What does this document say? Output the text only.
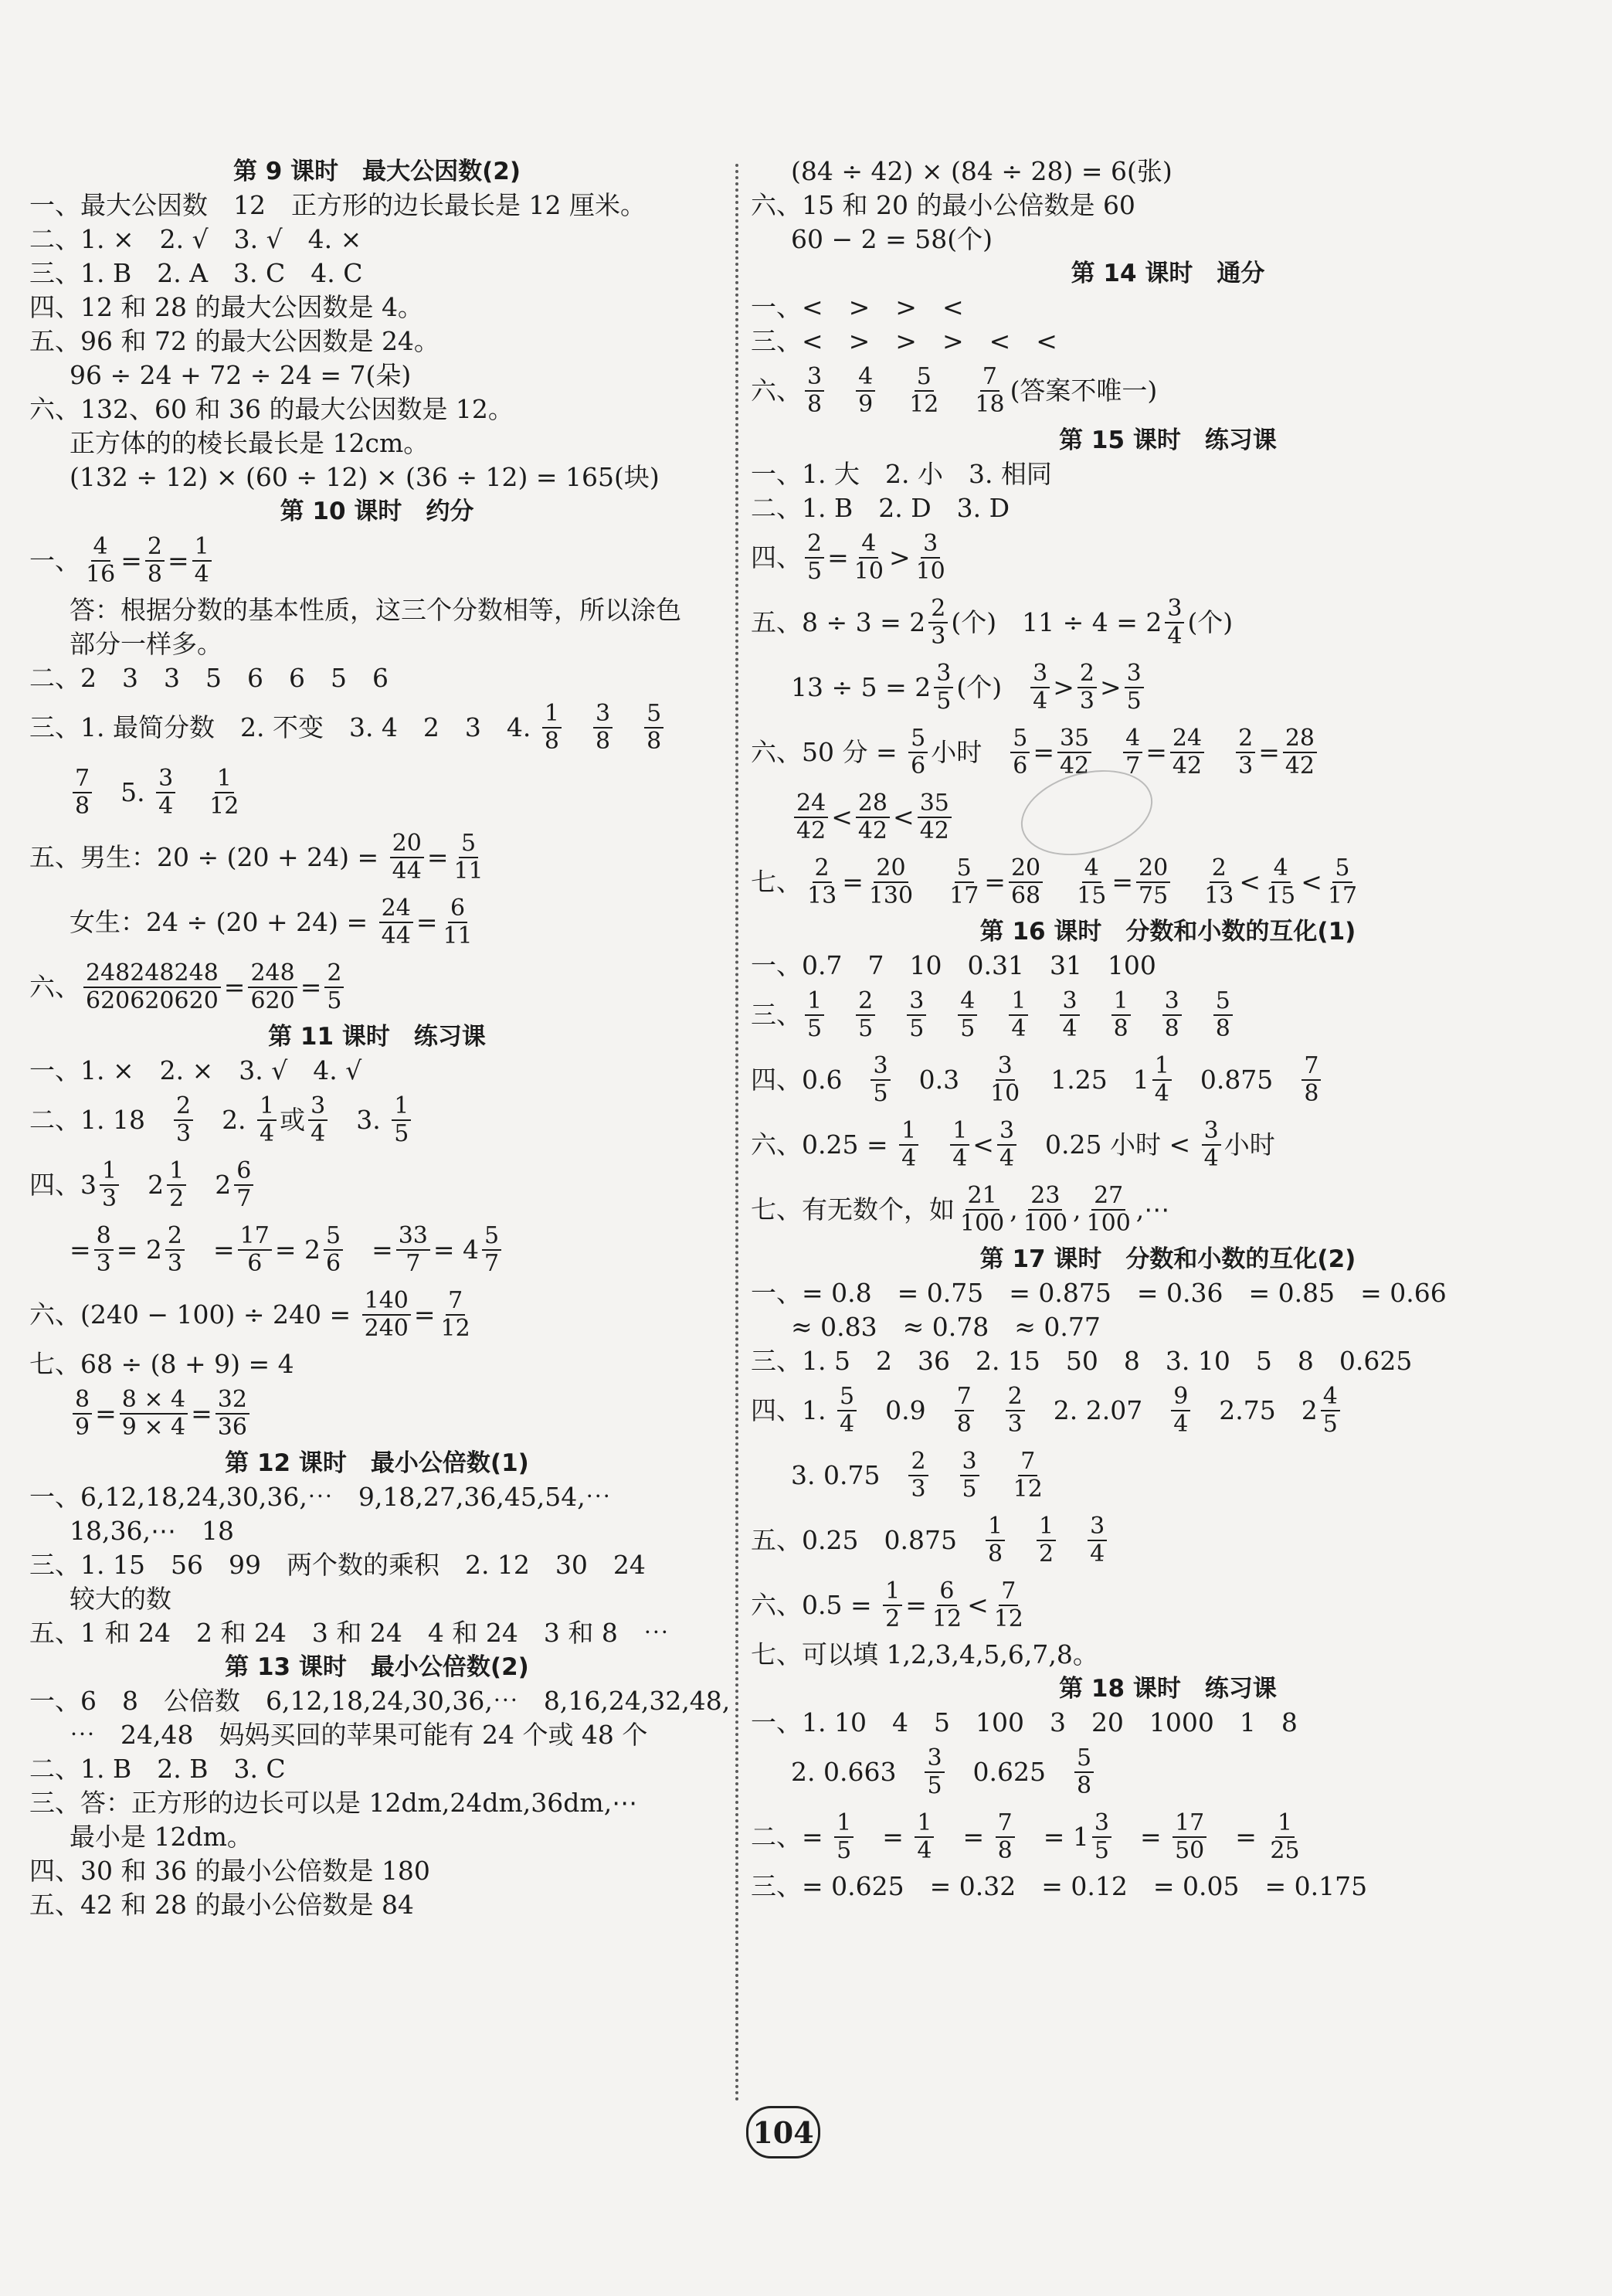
第 9 课时　最大公因数(2)
一、最大公因数　12　正方形的边长最长是 12 厘米。
二、1. ×　2. √　3. √　4. ×
三、1. B　2. A　3. C　4. C
四、12 和 28 的最大公因数是 4。
五、96 和 72 的最大公因数是 24。
96 ÷ 24 + 72 ÷ 24 = 7(朵)
六、132、60 和 36 的最大公因数是 12。
正方体的的棱长最长是 12cm。
(132 ÷ 12) × (60 ÷ 12) × (36 ÷ 12) = 165(块)
第 10 课时　约分
一、 $\frac{4}{16} = \frac{2}{8} = \frac{1}{4}$
答：根据分数的基本性质，这三个分数相等，所以涂色
部分一样多。
二、2　3　3　5　6　6　5　6
三、1. 最简分数　2. 不变　3. 4　2　3　4. $\frac{1}{8}$
　 $\frac{3}{8}$
　 $\frac{5}{8}$
$\frac{7}{8}$ 　5. $\frac{3}{4}$
　 $\frac{1}{12}$
五、男生：$20 \div (20 + 24) = \frac{20}{44} = \frac{5}{11}$
女生：$24 \div (20 + 24) = \frac{24}{44} = \frac{6}{11}$
六、 $\frac{248248248}{620620620} = \frac{248}{620} = \frac{2}{5}$
第 11 课时　练习课
一、1. ×　2. ×　3. √　4. √
二、1. 18　 $\frac{2}{3}$ 　2. $\frac{1}{4}$ 或 $\frac{3}{4}$ 　3. $\frac{1}{5}$
四、$3 \frac{1}{3}$ 　$2 \frac{1}{2}$ 　$2 \frac{6}{7}$
= $\frac{8}{3} = 2 \frac{2}{3}$ 　= $\frac{17}{6} = 2 \frac{5}{6}$ 　= $\frac{33}{7} = 4 \frac{5}{7}$
六、$(240 - 100) \div 240 = \frac{140}{240} = \frac{7}{12}$
七、68 ÷ (8 + 9) = 4
$\frac{8}{9} = \frac{8 \times 4}{9 \times 4} = \frac{32}{36}$
第 12 课时　最小公倍数(1)
一、6,12,18,24,30,36,⋯　9,18,27,36,45,54,⋯
18,36,⋯　18
三、1. 15　56　99　两个数的乘积　2. 12　30　24
较大的数
五、1 和 24　2 和 24　3 和 24　4 和 24　3 和 8　⋯
第 13 课时　最小公倍数(2)
一、6　8　公倍数　6,12,18,24,30,36,⋯　8,16,24,32,48,
⋯　24,48　妈妈买回的苹果可能有 24 个或 48 个
二、1. B　2. B　3. C
三、答：正方形的边长可以是 12dm,24dm,36dm,⋯
最小是 12dm。
四、30 和 36 的最小公倍数是 180
五、42 和 28 的最小公倍数是 84
(84 ÷ 42) × (84 ÷ 28) = 6(张)
六、15 和 20 的最小公倍数是 60
60 − 2 = 58(个)
第 14 课时　通分
一、<　>　>　<
三、<　>　>　>　<　<
六、 $\frac{3}{8}$
　 $\frac{4}{9}$
　 $\frac{5}{12}$
　 $\frac{7}{18}$ (答案不唯一)
第 15 课时　练习课
一、1. 大　2. 小　3. 相同
二、1. B　2. D　3. D
四、 $\frac{2}{5} = \frac{4}{10} > \frac{3}{10}$
五、$8 \div 3 = 2 \frac{2}{3}$ (个)　$11 \div 4 = 2 \frac{3}{4}$ (个)
$13 \div 5 = 2 \frac{3}{5}$ (个)　 $\frac{3}{4} > \frac{2}{3} > \frac{3}{5}$
六、50 分 = $\frac{5}{6}$ 小时　 $\frac{5}{6} = \frac{35}{42}$
　 $\frac{4}{7} = \frac{24}{42}$
　 $\frac{2}{3} = \frac{28}{42}$
$\frac{24}{42} < \frac{28}{42} < \frac{35}{42}$
七、 $\frac{2}{13} = \frac{20}{130}$
　 $\frac{5}{17} = \frac{20}{68}$
　 $\frac{4}{15} = \frac{20}{75}$
　 $\frac{2}{13} < \frac{4}{15} < \frac{5}{17}$
第 16 课时　分数和小数的互化(1)
一、0.7　7　10　0.31　31　100
三、 $\frac{1}{5}$
　 $\frac{2}{5}$
　 $\frac{3}{5}$
　 $\frac{4}{5}$
　 $\frac{1}{4}$
　 $\frac{3}{4}$
　 $\frac{1}{8}$
　 $\frac{3}{8}$
　 $\frac{5}{8}$
四、0.6　 $\frac{3}{5}$ 　0.3　 $\frac{3}{10}$ 　1.25　$1 \frac{1}{4}$ 　0.875　 $\frac{7}{8}$
六、$0.25 = \frac{1}{4}$
　 $\frac{1}{4} < \frac{3}{4}$ 　0.25 小时 < $\frac{3}{4}$ 小时
七、有无数个，如 $\frac{21}{100}$ , $\frac{23}{100}$ , $\frac{27}{100}$ ,⋯
第 17 课时　分数和小数的互化(2)
一、= 0.8　= 0.75　= 0.875　= 0.36　= 0.85　= 0.66
≈ 0.83　≈ 0.78　≈ 0.77
三、1. 5　2　36　2. 15　50　8　3. 10　5　8　0.625
四、1. $\frac{5}{4}$ 　0.9　 $\frac{7}{8}$
　 $\frac{2}{3}$ 　2. 2.07　 $\frac{9}{4}$ 　2.75　$2 \frac{4}{5}$
3. 0.75　 $\frac{2}{3}$
　 $\frac{3}{5}$
　 $\frac{7}{12}$
五、0.25　0.875　 $\frac{1}{8}$
　 $\frac{1}{2}$
　 $\frac{3}{4}$
六、$0.5 = \frac{1}{2} = \frac{6}{12} < \frac{7}{12}$
七、可以填 1,2,3,4,5,6,7,8。
第 18 课时　练习课
一、1. 10　4　5　100　3　20　1000　1　8
2. 0.663　 $\frac{3}{5}$ 　0.625　 $\frac{5}{8}$
二、= $\frac{1}{5}$ 　= $\frac{1}{4}$ 　= $\frac{7}{8}$ 　= $1 \frac{3}{5}$ 　= $\frac{17}{50}$ 　= $\frac{1}{25}$
三、= 0.625　= 0.32　= 0.12　= 0.05　= 0.175
104
